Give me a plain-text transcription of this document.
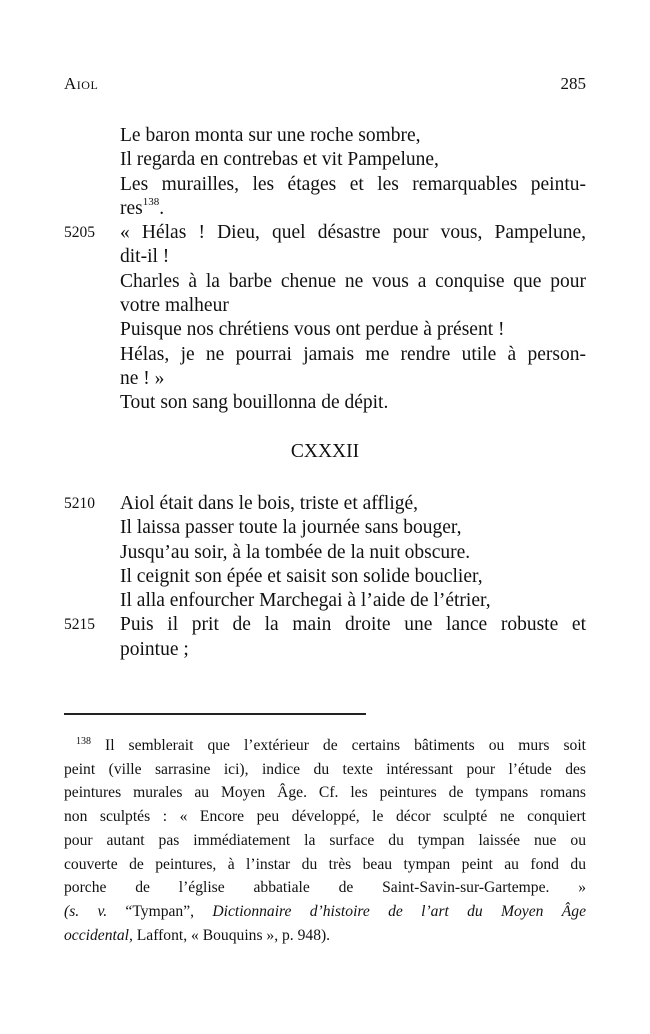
Aiol	285
Le baron monta sur une roche sombre,
Il regarda en contrebas et vit Pampelune,
Les murailles, les étages et les remarquables peintu-
res$^{138}$.
5205 « Hélas ! Dieu, quel désastre pour vous, Pampelune,
dit-il !
Charles à la barbe chenue ne vous a conquise que pour
votre malheur
Puisque nos chrétiens vous ont perdue à présent !
Hélas, je ne pourrai jamais me rendre utile à person-
ne ! »
Tout son sang bouillonna de dépit.
CXXXII
5210 Aiol était dans le bois, triste et affligé,
Il laissa passer toute la journée sans bouger,
Jusqu’au soir, à la tombée de la nuit obscure.
Il ceignit son épée et saisit son solide bouclier,
Il alla enfourcher Marchegai à l’aide de l’étrier,
5215 Puis il prit de la main droite une lance robuste et
pointue ;
$^{138}$ Il semblerait que l’extérieur de certains bâtiments ou murs soit
peint (ville sarrasine ici), indice du texte intéressant pour l’étude des
peintures murales au Moyen Âge. Cf. les peintures de tympans romans
non sculptés : « Encore peu développé, le décor sculpté ne conquiert
pour autant pas immédiatement la surface du tympan laissée nue ou
couverte de peintures, à l’instar du très beau tympan peint au fond du
porche de l’église abbatiale de Saint-Savin-sur-Gartempe. »
(s. v. “Tympan”, Dictionnaire d’histoire de l’art du Moyen Âge
occidental, Laffont, « Bouquins », p. 948).
